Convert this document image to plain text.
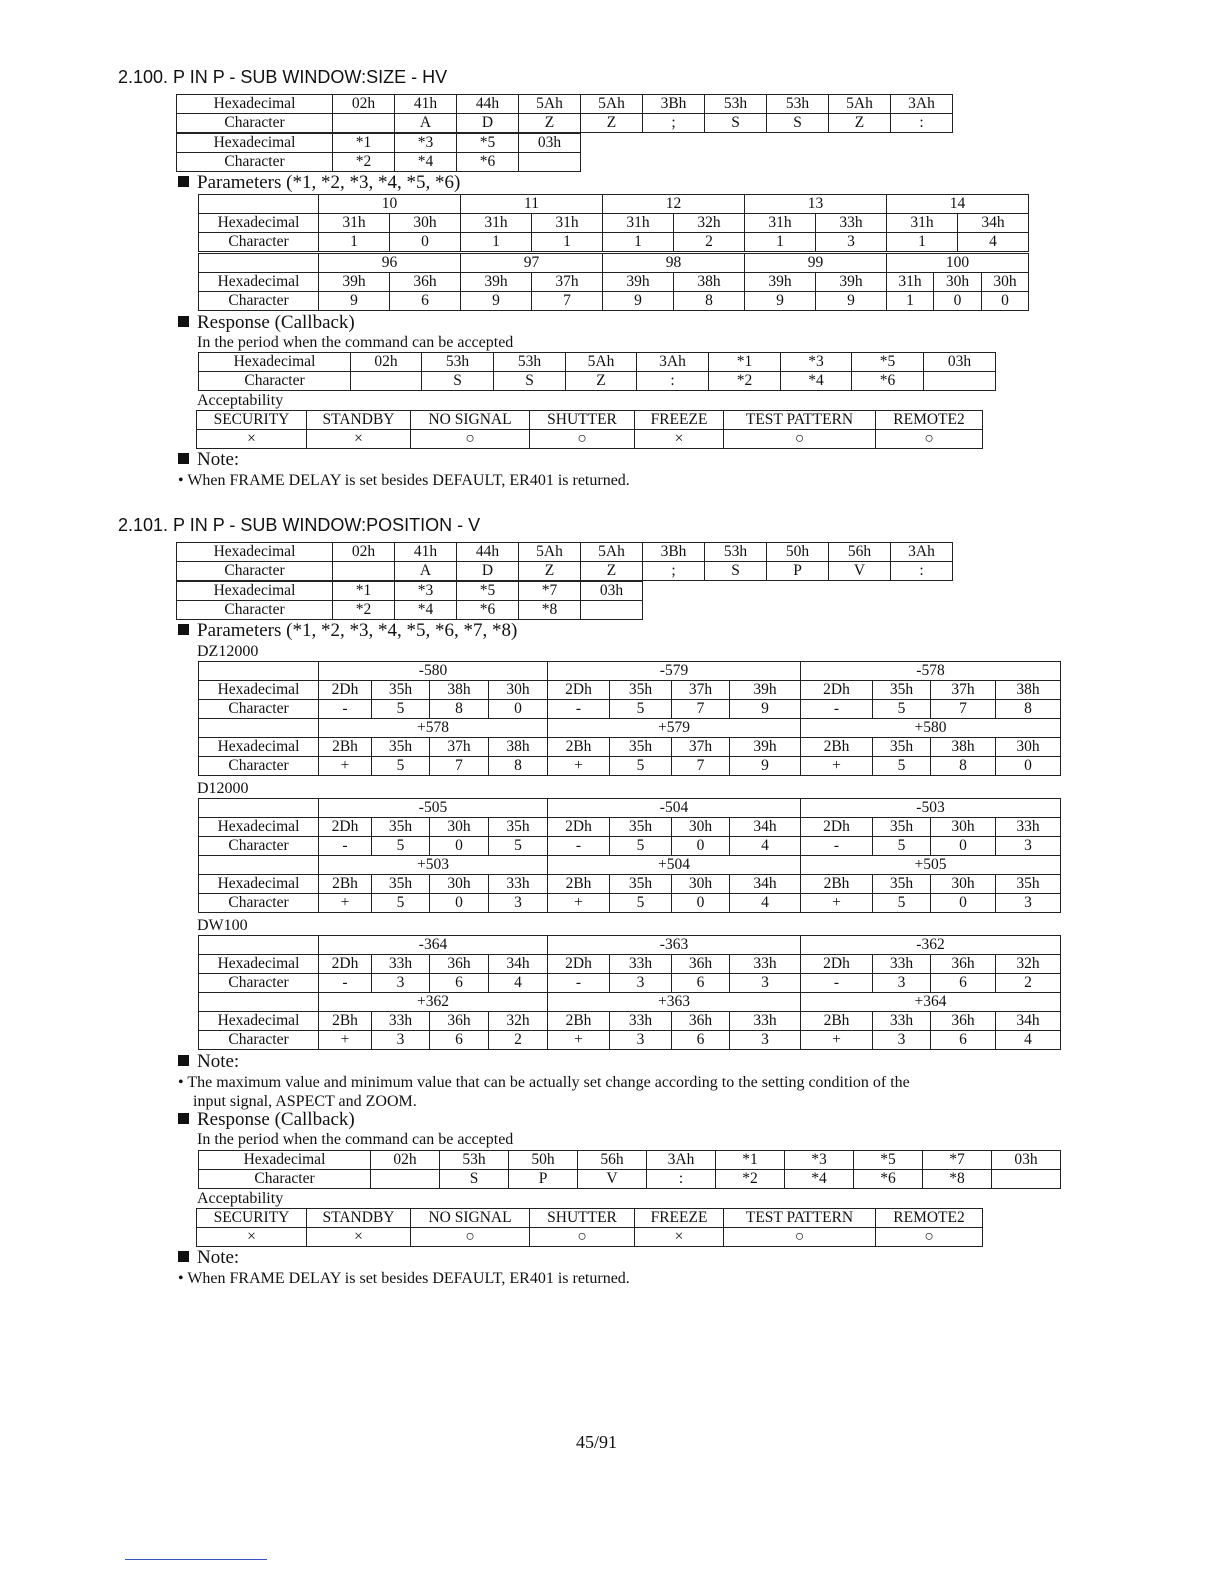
2.100. P IN P - SUB WINDOW:SIZE - HV
Hexadecimal	02h	41h	44h	5Ah	5Ah	3Bh	53h	53h	5Ah	3Ah
Character		A	D	Z	Z	;	S	S	Z	:
Hexadecimal	*1	*3	*5	03h
Character	*2	*4	*6	
Parameters (*1, *2, *3, *4, *5, *6)
	10		11		12		13		14	
Hexadecimal	31h	30h	31h	31h	31h	32h	31h	33h	31h	34h
Character	1	0	1	1	1	2	1	3	1	4
	96		97		98		99		100		
Hexadecimal	39h	36h	39h	37h	39h	38h	39h	39h	31h	30h	30h
Character	9	6	9	7	9	8	9	9	1	0	0
Response (Callback)
In the period when the command can be accepted
Hexadecimal	02h	53h	53h	5Ah	3Ah	*1	*3	*5	03h
Character		S	S	Z	:	*2	*4	*6	
Acceptability
SECURITY	STANDBY	NO SIGNAL	SHUTTER	FREEZE	TEST PATTERN	REMOTE2
×	×	○	○	×	○	○
Note:
• When FRAME DELAY is set besides DEFAULT, ER401 is returned.
2.101. P IN P - SUB WINDOW:POSITION - V
Hexadecimal	02h	41h	44h	5Ah	5Ah	3Bh	53h	50h	56h	3Ah
Character		A	D	Z	Z	;	S	P	V	:
Hexadecimal	*1	*3	*5	*7	03h
Character	*2	*4	*6	*8	
Parameters (*1, *2, *3, *4, *5, *6, *7, *8)
DZ12000
	-580				-579				-578			
Hexadecimal	2Dh	35h	38h	30h	2Dh	35h	37h	39h	2Dh	35h	37h	38h
Character	-	5	8	0	-	5	7	9	-	5	7	8
	+578				+579				+580			
Hexadecimal	2Bh	35h	37h	38h	2Bh	35h	37h	39h	2Bh	35h	38h	30h
Character	+	5	7	8	+	5	7	9	+	5	8	0
D12000
	-505				-504				-503			
Hexadecimal	2Dh	35h	30h	35h	2Dh	35h	30h	34h	2Dh	35h	30h	33h
Character	-	5	0	5	-	5	0	4	-	5	0	3
	+503				+504				+505			
Hexadecimal	2Bh	35h	30h	33h	2Bh	35h	30h	34h	2Bh	35h	30h	35h
Character	+	5	0	3	+	5	0	4	+	5	0	3
DW100
	-364				-363				-362			
Hexadecimal	2Dh	33h	36h	34h	2Dh	33h	36h	33h	2Dh	33h	36h	32h
Character	-	3	6	4	-	3	6	3	-	3	6	2
	+362				+363				+364			
Hexadecimal	2Bh	33h	36h	32h	2Bh	33h	36h	33h	2Bh	33h	36h	34h
Character	+	3	6	2	+	3	6	3	+	3	6	4
Note:
• The maximum value and minimum value that can be actually set change according to the setting condition of the
input signal, ASPECT and ZOOM.
Response (Callback)
In the period when the command can be accepted
Hexadecimal	02h	53h	50h	56h	3Ah	*1	*3	*5	*7	03h
Character		S	P	V	:	*2	*4	*6	*8	
Acceptability
SECURITY	STANDBY	NO SIGNAL	SHUTTER	FREEZE	TEST PATTERN	REMOTE2
×	×	○	○	×	○	○
Note:
• When FRAME DELAY is set besides DEFAULT, ER401 is returned.
45/91
